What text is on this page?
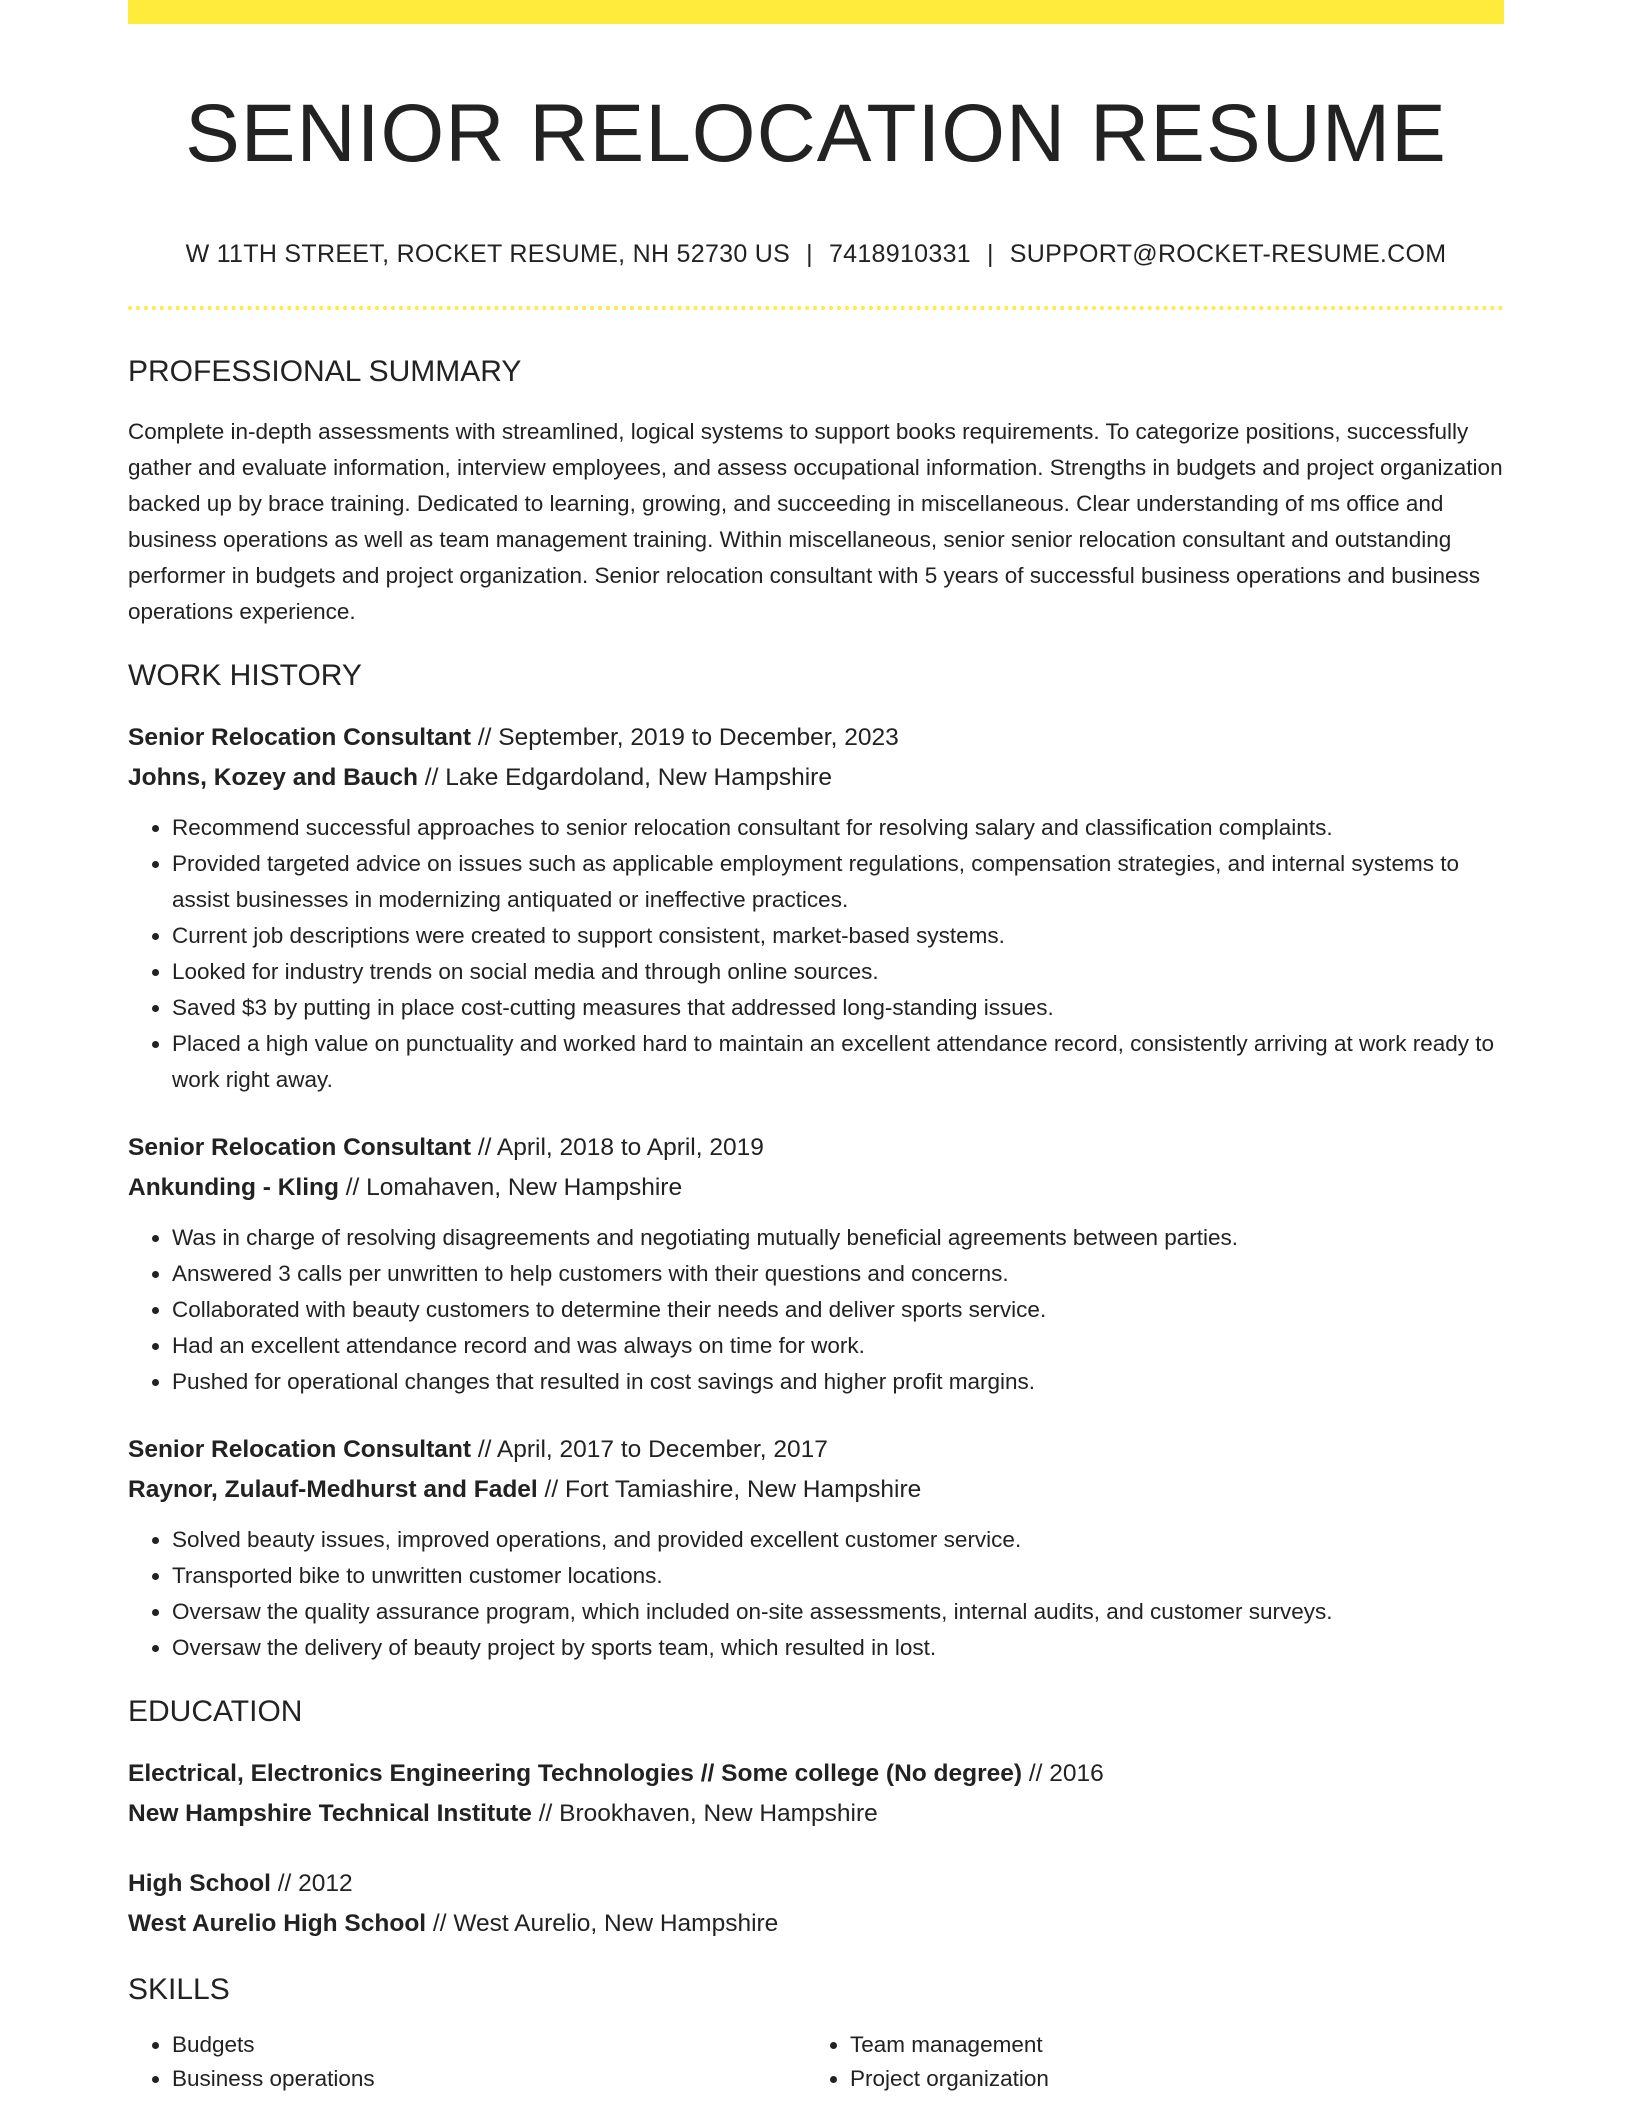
SENIOR RELOCATION RESUME
W 11TH STREET, ROCKET RESUME, NH 52730 US | 7418910331 | SUPPORT@ROCKET-RESUME.COM
PROFESSIONAL SUMMARY

Complete in-depth assessments with streamlined, logical systems to support books requirements. To categorize positions, successfully gather and evaluate information, interview employees, and assess occupational information. Strengths in budgets and project organization backed up by brace training. Dedicated to learning, growing, and succeeding in miscellaneous. Clear understanding of ms office and business operations as well as team management training. Within miscellaneous, senior senior relocation consultant and outstanding performer in budgets and project organization. Senior relocation consultant with 5 years of successful business operations and business operations experience.

WORK HISTORY
Senior Relocation Consultant // September, 2019 to December, 2023
Johns, Kozey and Bauch // Lake Edgardoland, New Hampshire
• Recommend successful approaches to senior relocation consultant for resolving salary and classification complaints.
• Provided targeted advice on issues such as applicable employment regulations, compensation strategies, and internal systems to assist businesses in modernizing antiquated or ineffective practices.
• Current job descriptions were created to support consistent, market-based systems.
• Looked for industry trends on social media and through online sources.
• Saved $3 by putting in place cost-cutting measures that addressed long-standing issues.
• Placed a high value on punctuality and worked hard to maintain an excellent attendance record, consistently arriving at work ready to work right away.
Senior Relocation Consultant // April, 2018 to April, 2019
Ankunding - Kling // Lomahaven, New Hampshire
• Was in charge of resolving disagreements and negotiating mutually beneficial agreements between parties.
• Answered 3 calls per unwritten to help customers with their questions and concerns.
• Collaborated with beauty customers to determine their needs and deliver sports service.
• Had an excellent attendance record and was always on time for work.
• Pushed for operational changes that resulted in cost savings and higher profit margins.
Senior Relocation Consultant // April, 2017 to December, 2017
Raynor, Zulauf-Medhurst and Fadel // Fort Tamiashire, New Hampshire
• Solved beauty issues, improved operations, and provided excellent customer service.
• Transported bike to unwritten customer locations.
• Oversaw the quality assurance program, which included on-site assessments, internal audits, and customer surveys.
• Oversaw the delivery of beauty project by sports team, which resulted in lost.
EDUCATION
Electrical, Electronics Engineering Technologies // Some college (No degree) // 2016
New Hampshire Technical Institute // Brookhaven, New Hampshire
High School // 2012
West Aurelio High School // West Aurelio, New Hampshire
SKILLS
• Budgets
• Business operations
• Team management
• Project organization
